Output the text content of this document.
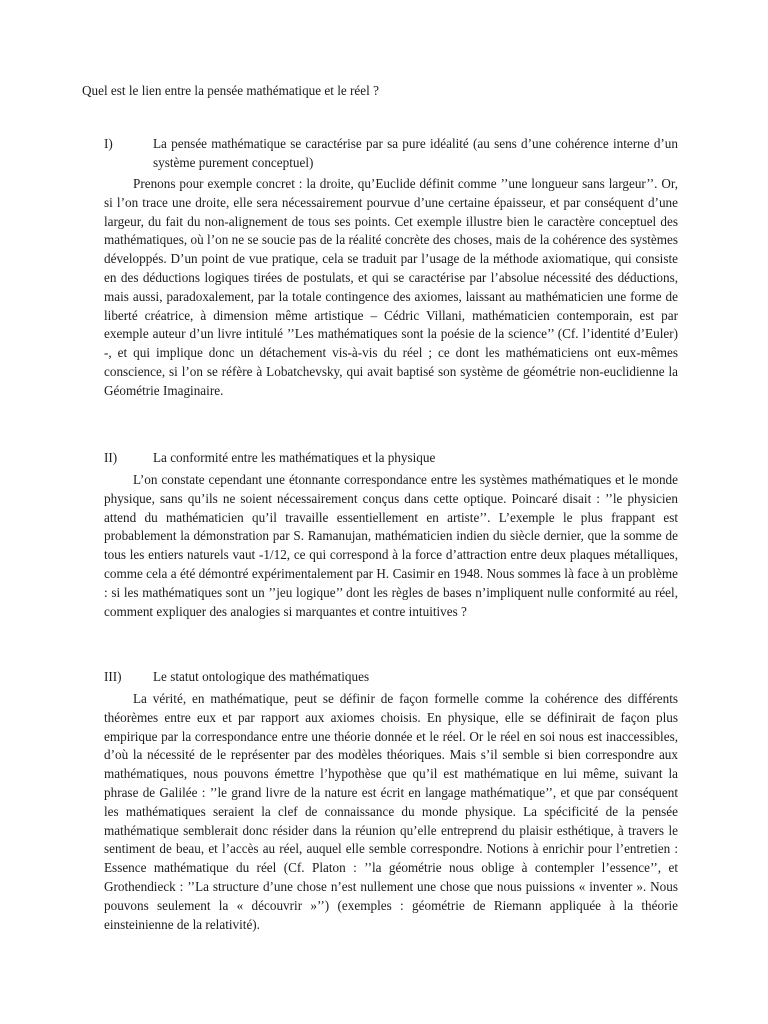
Quel est le lien entre la pensée mathématique et le réel ?
I)	La pensée mathématique se caractérise par sa pure idéalité (au sens d’une cohérence interne d’un système purement conceptuel)
Prenons pour exemple concret : la droite, qu’Euclide définit comme ’’une longueur sans largeur’’. Or, si l’on trace une droite, elle sera nécessairement pourvue d’une certaine épaisseur, et par conséquent d’une largeur, du fait du non-alignement de tous ses points. Cet exemple illustre bien le caractère conceptuel des mathématiques, où l’on ne se soucie pas de la réalité concrète des choses, mais de la cohérence des systèmes développés. D’un point de vue pratique, cela se traduit par l’usage de la méthode axiomatique, qui consiste en des déductions logiques tirées de postulats, et qui se caractérise par l’absolue nécessité des déductions, mais aussi, paradoxalement, par la totale contingence des axiomes, laissant au mathématicien une forme de liberté créatrice, à dimension même artistique – Cédric Villani, mathématicien contemporain, est par exemple auteur d’un livre intitulé ’’Les mathématiques sont la poésie de la science’’ (Cf. l’identité d’Euler) -, et qui implique donc un détachement vis-à-vis du réel ; ce dont les mathématiciens ont eux-mêmes conscience, si l’on se réfère à Lobatchevsky, qui avait baptisé son système de géométrie non-euclidienne la Géométrie Imaginaire.
II)	La conformité entre les mathématiques et la physique
L’on constate cependant une étonnante correspondance entre les systèmes mathématiques et le monde physique, sans qu’ils ne soient nécessairement conçus dans cette optique. Poincaré disait : ’’le physicien attend du mathématicien qu’il travaille essentiellement en artiste’’. L’exemple le plus frappant est probablement la démonstration par S. Ramanujan, mathématicien indien du siècle dernier, que la somme de tous les entiers naturels vaut -1/12, ce qui correspond à la force d’attraction entre deux plaques métalliques, comme cela a été démontré expérimentalement par H. Casimir en 1948. Nous sommes là face à un problème : si les mathématiques sont un ’’jeu logique’’ dont les règles de bases n’impliquent nulle conformité au réel, comment expliquer des analogies si marquantes et contre intuitives ?
III) Le statut ontologique des mathématiques
La vérité, en mathématique, peut se définir de façon formelle comme la cohérence des différents théorèmes entre eux et par rapport aux axiomes choisis. En physique, elle se définirait de façon plus empirique par la correspondance entre une théorie donnée et le réel. Or le réel en soi nous est inaccessibles, d’où la nécessité de le représenter par des modèles théoriques. Mais s’il semble si bien correspondre aux mathématiques, nous pouvons émettre l’hypothèse que qu’il est mathématique en lui même, suivant la phrase de Galilée : ’’le grand livre de la nature est écrit en langage mathématique’’, et que par conséquent les mathématiques seraient la clef de connaissance du monde physique. La spécificité de la pensée mathématique semblerait donc résider dans la réunion qu’elle entreprend du plaisir esthétique, à travers le sentiment de beau, et l’accès au réel, auquel elle semble correspondre. Notions à enrichir pour l’entretien : Essence mathématique du réel (Cf. Platon : ’’la géométrie nous oblige à contempler l’essence’’, et Grothendieck : ’’La structure d’une chose n’est nullement une chose que nous puissions « inventer ». Nous pouvons seulement la « découvrir »’’) (exemples : géométrie de Riemann appliquée à la théorie einsteinienne de la relativité).
